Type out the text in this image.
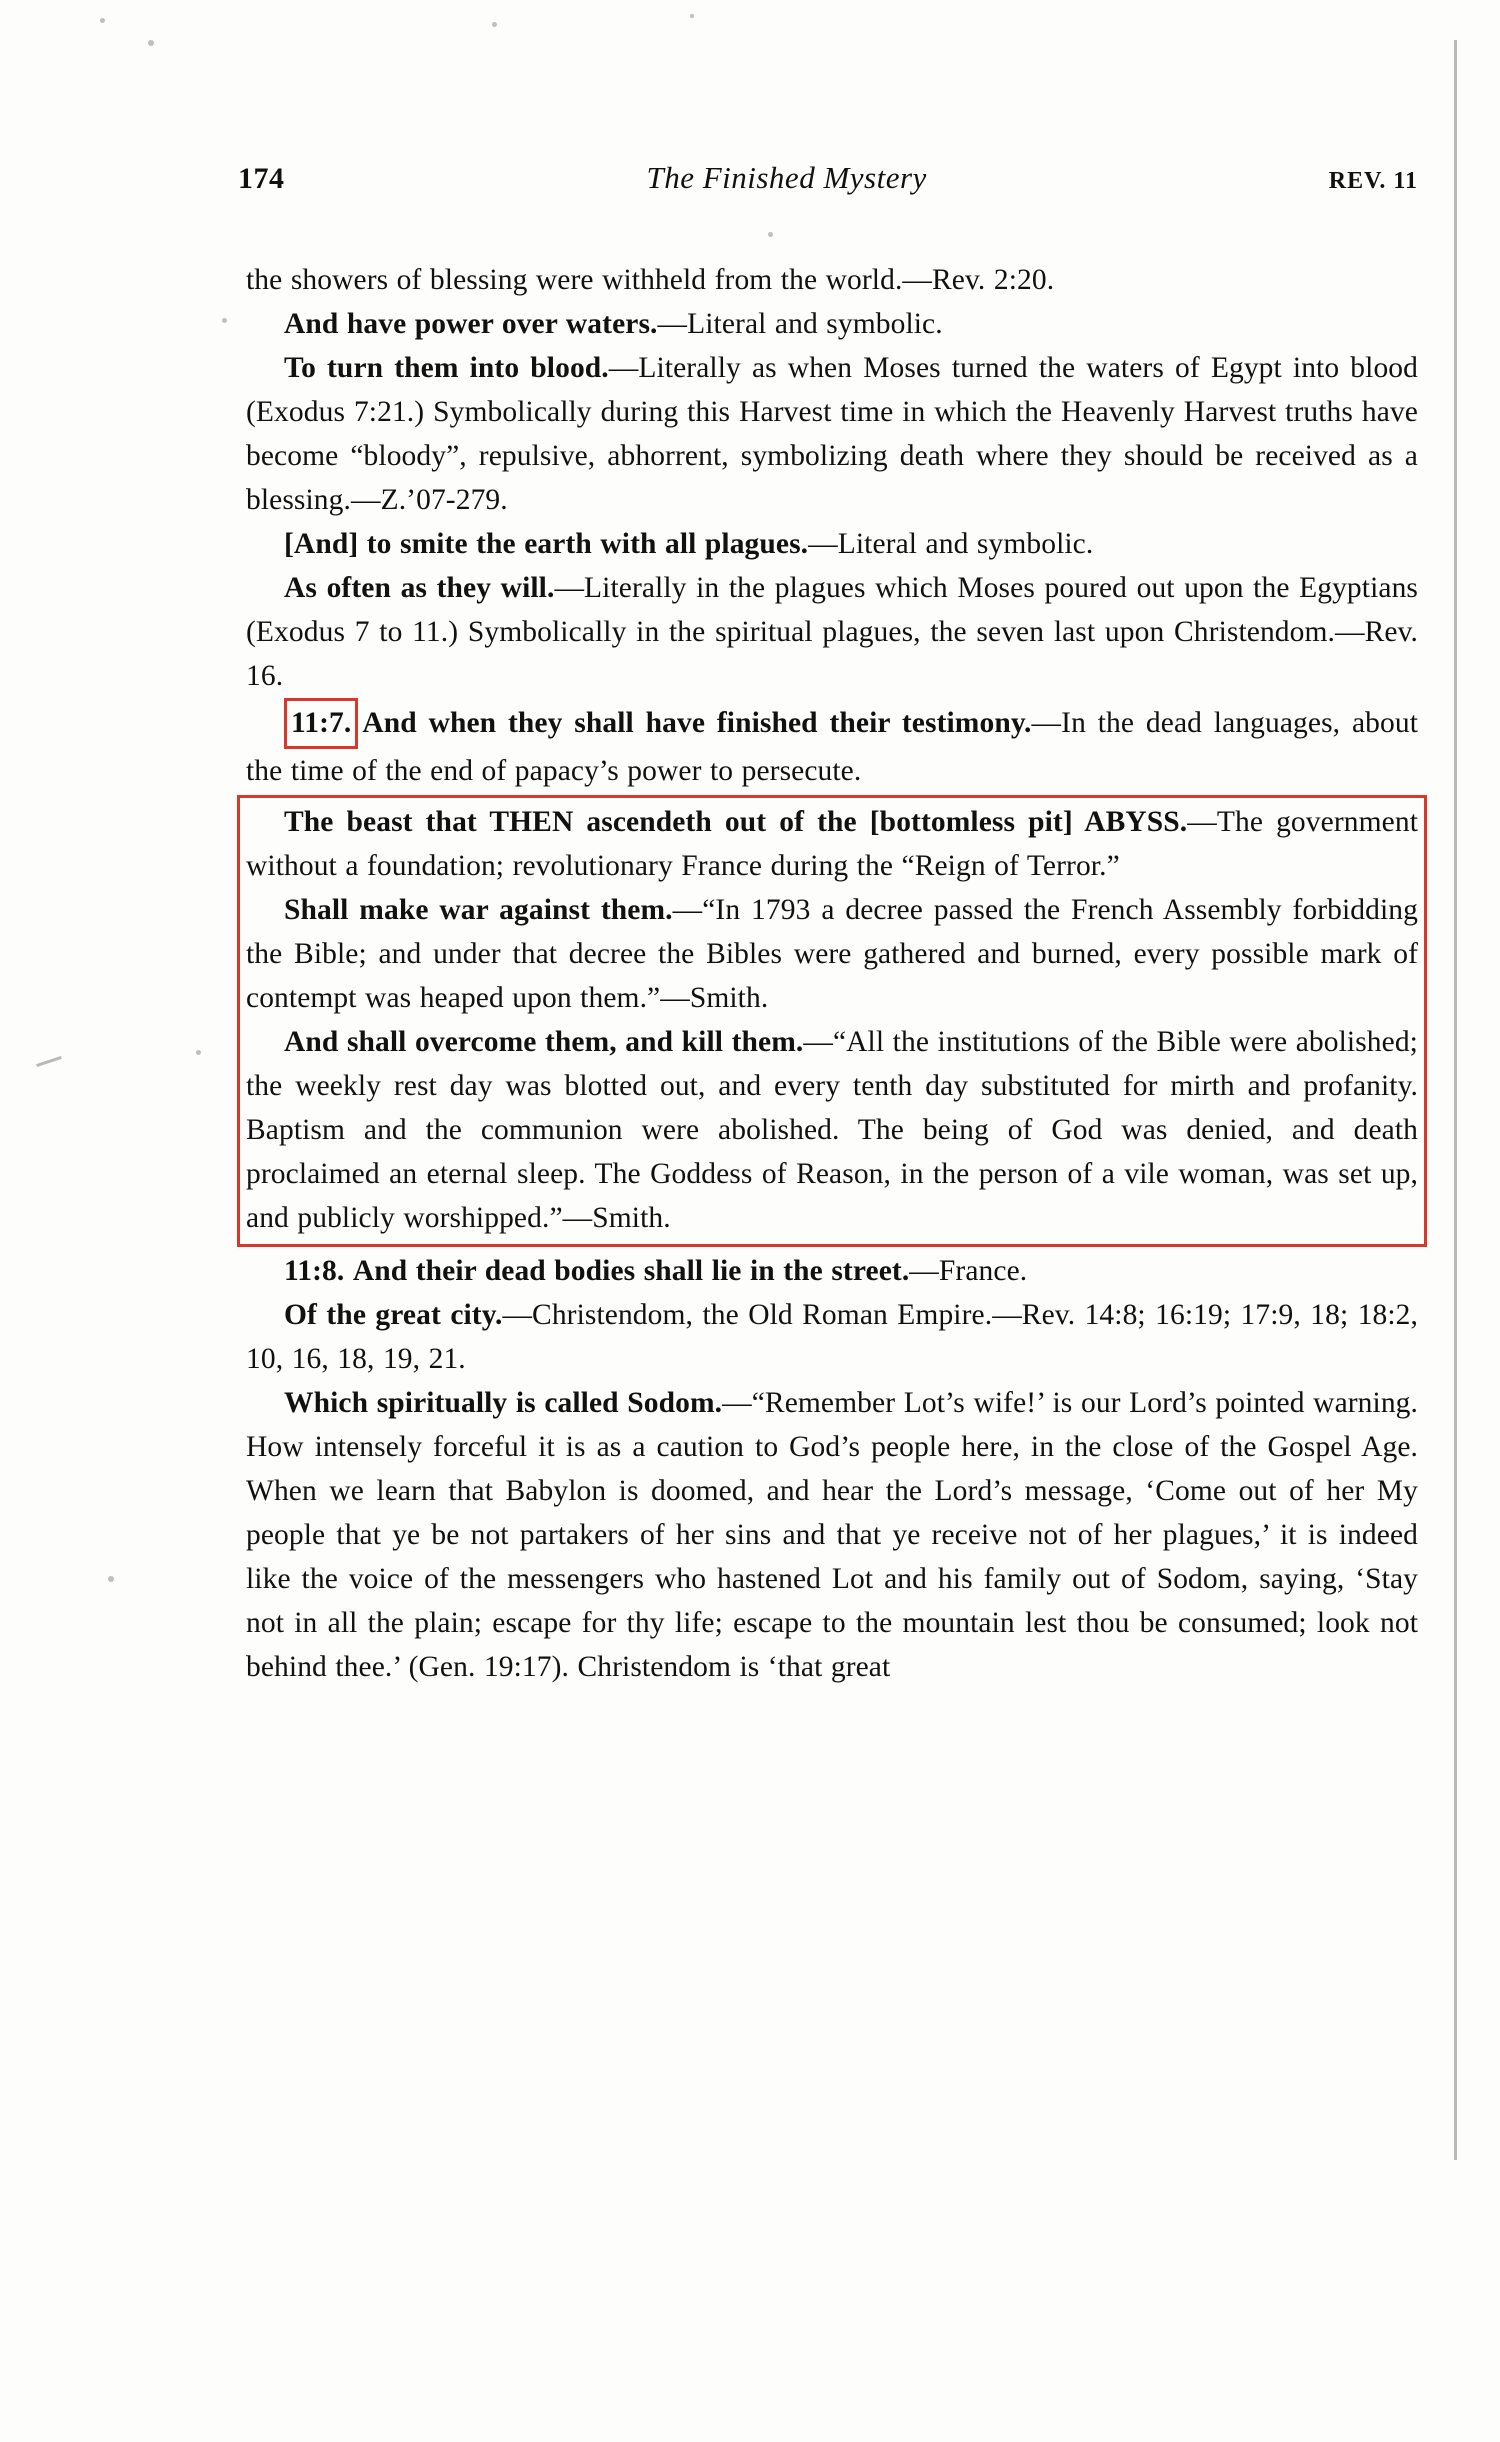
174	The Finished Mystery	REV. 11

the showers of blessing were withheld from the world.—Rev. 2:20.

And have power over waters.—Literal and symbolic.

To turn them into blood.—Literally as when Moses turned the waters of Egypt into blood (Exodus 7:21.) Symbolically during this Harvest time in which the Heavenly Harvest truths have become “bloody”, repulsive, abhorrent, symbolizing death where they should be received as a blessing.—Z.’07-279.

[And] to smite the earth with all plagues.—Literal and symbolic.

As often as they will.—Literally in the plagues which Moses poured out upon the Egyptians (Exodus 7 to 11.) Symbolically in the spiritual plagues, the seven last upon Christendom.—Rev. 16.

11:7. And when they shall have finished their testimony.—In the dead languages, about the time of the end of papacy’s power to persecute.

The beast that THEN ascendeth out of the [bottomless pit] ABYSS.—The government without a foundation; revolutionary France during the “Reign of Terror.”

Shall make war against them.—“In 1793 a decree passed the French Assembly forbidding the Bible; and under that decree the Bibles were gathered and burned, every possible mark of contempt was heaped upon them.”—Smith.

And shall overcome them, and kill them.—“All the institutions of the Bible were abolished; the weekly rest day was blotted out, and every tenth day substituted for mirth and profanity. Baptism and the communion were abolished. The being of God was denied, and death proclaimed an eternal sleep. The Goddess of Reason, in the person of a vile woman, was set up, and publicly worshipped.”—Smith.

11:8. And their dead bodies shall lie in the street.—France.

Of the great city.—Christendom, the Old Roman Empire.—Rev. 14:8; 16:19; 17:9, 18; 18:2, 10, 16, 18, 19, 21.

Which spiritually is called Sodom.—“Remember Lot’s wife!’ is our Lord’s pointed warning. How intensely forceful it is as a caution to God’s people here, in the close of the Gospel Age. When we learn that Babylon is doomed, and hear the Lord’s message, ‘Come out of her My people that ye be not partakers of her sins and that ye receive not of her plagues,’ it is indeed like the voice of the messengers who hastened Lot and his family out of Sodom, saying, ‘Stay not in all the plain; escape for thy life; escape to the mountain lest thou be consumed; look not behind thee.’ (Gen. 19:17). Christendom is ‘that great
